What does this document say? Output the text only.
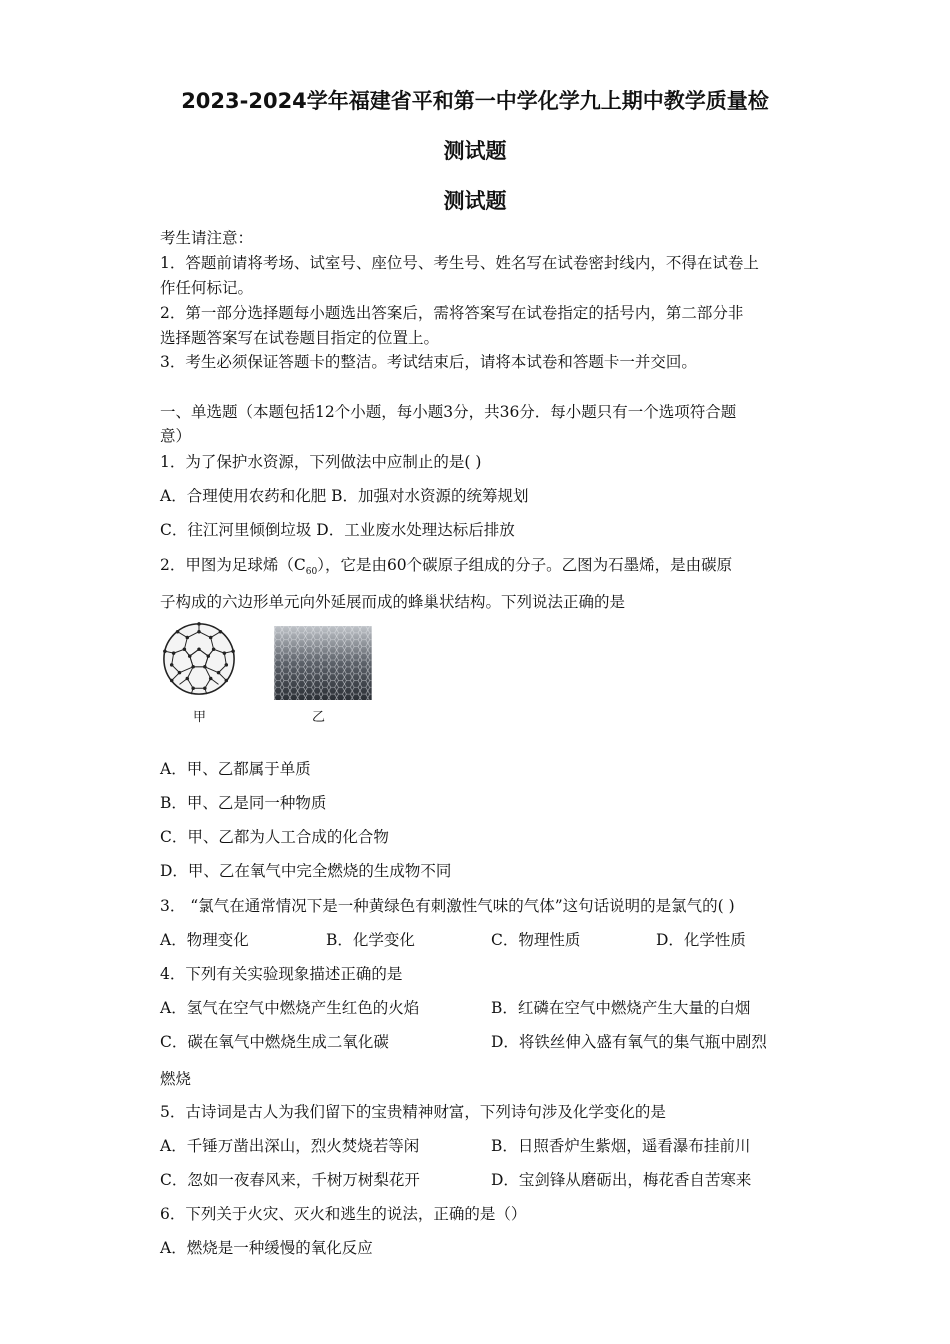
2023-2024学年福建省平和第一中学化学九上期中教学质量检
测试题
测试题
考生请注意：
1．答题前请将考场、试室号、座位号、考生号、姓名写在试卷密封线内，不得在试卷上
作任何标记。
2．第一部分选择题每小题选出答案后，需将答案写在试卷指定的括号内，第二部分非
选择题答案写在试卷题目指定的位置上。
3．考生必须保证答题卡的整洁。考试结束后，请将本试卷和答题卡一并交回。
一、单选题（本题包括12个小题，每小题3分，共36分．每小题只有一个选项符合题
意）
1．为了保护水资源，下列做法中应制止的是( )
A．合理使用农药和化肥 B．加强对水资源的统筹规划
C．往江河里倾倒垃圾 D．工业废水处理达标后排放
2．甲图为足球烯$(C_{60})$，它是由60个碳原子组成的分子。乙图为石墨烯，是由碳原
子构成的六边形单元向外延展而成的蜂巢状结构。下列说法正确的是
甲	乙
A．甲、乙都属于单质
B．甲、乙是同一种物质
C．甲、乙都为人工合成的化合物
D．甲、乙在氧气中完全燃烧的生成物不同
3． “氯气在通常情况下是一种黄绿色有刺激性气味的气体”这句话说明的是氯气的( )
A．物理变化	B．化学变化	C．物理性质	D．化学性质
4．下列有关实验现象描述正确的是
A．氢气在空气中燃烧产生红色的火焰	B．红磷在空气中燃烧产生大量的白烟
C．碳在氧气中燃烧生成二氧化碳	D．将铁丝伸入盛有氧气的集气瓶中剧烈
燃烧
5．古诗词是古人为我们留下的宝贵精神财富，下列诗句涉及化学变化的是
A．千锤万凿出深山，烈火焚烧若等闲	B．日照香炉生紫烟，遥看瀑布挂前川
C．忽如一夜春风来，千树万树梨花开	D．宝剑锋从磨砺出，梅花香自苦寒来
6．下列关于火灾、灭火和逃生的说法，正确的是（）
A．燃烧是一种缓慢的氧化反应
